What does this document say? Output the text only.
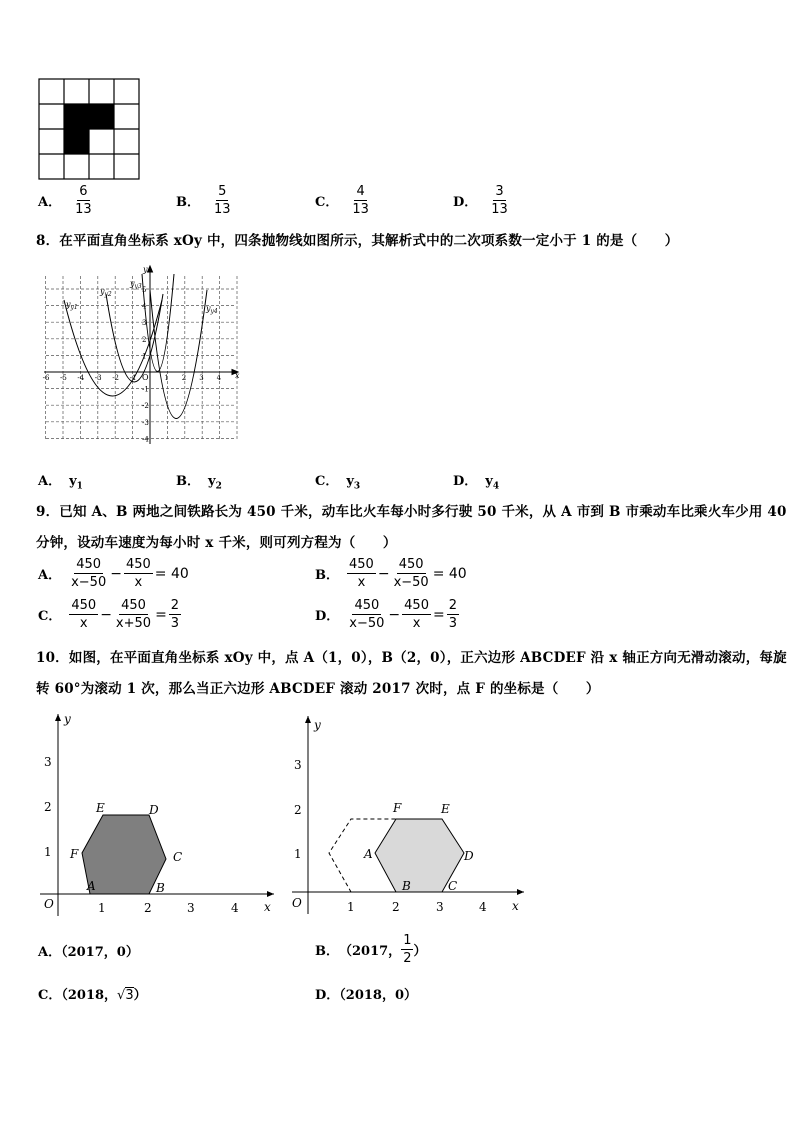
A． $\frac{6}{13}$	B． $\frac{5}{13}$	C． $\frac{4}{13}$	D． $\frac{3}{13}$
8．在平面直角坐标系 xOy 中，四条抛物线如图所示，其解析式中的二次项系数一定小于 1 的是（　　）
-6 -5 -4 -3 -2 -1	1 2 3 4
5
4
3
2
1
-1
-2
-3
-4
x
y
O
$y_{y1}$
$y_{y2}$
$y_{y3}$
$y_{y4}$
A． $y_1$	B． $y_2$	C． $y_3$	D． $y_4$
9．已知 A、B 两地之间铁路长为 450 千米，动车比火车每小时多行驶 50 千米，从 A 市到 B 市乘动车比乘火车少用 40
分钟，设动车速度为每小时 x 千米，则可列方程为（　　）
A． $\frac{450}{x-50} - \frac{450}{x} = 40$	B． $\frac{450}{x} - \frac{450}{x-50} = 40$
C． $\frac{450}{x} - \frac{450}{x+50} = \frac{2}{3}$	D． $\frac{450}{x-50} - \frac{450}{x} = \frac{2}{3}$
10．如图，在平面直角坐标系 xOy 中，点 A（1，0），B（2，0），正六边形 ABCDEF 沿 x 轴正方向无滑动滚动，每旋
转 60°为滚动 1 次，那么当正六边形 ABCDEF 滚动 2017 次时，点 F 的坐标是（　　）
O	x
y
1	2	3	4
1
2
3
A	B
C
D
E
F
O	x
y
1	2	3	4
1
2
3
A
B	C
D
E
F
A．（2017，0）	B． （2017， $\frac{1}{2}$ ）
C．（2018，√3）	D．（2018，0）
